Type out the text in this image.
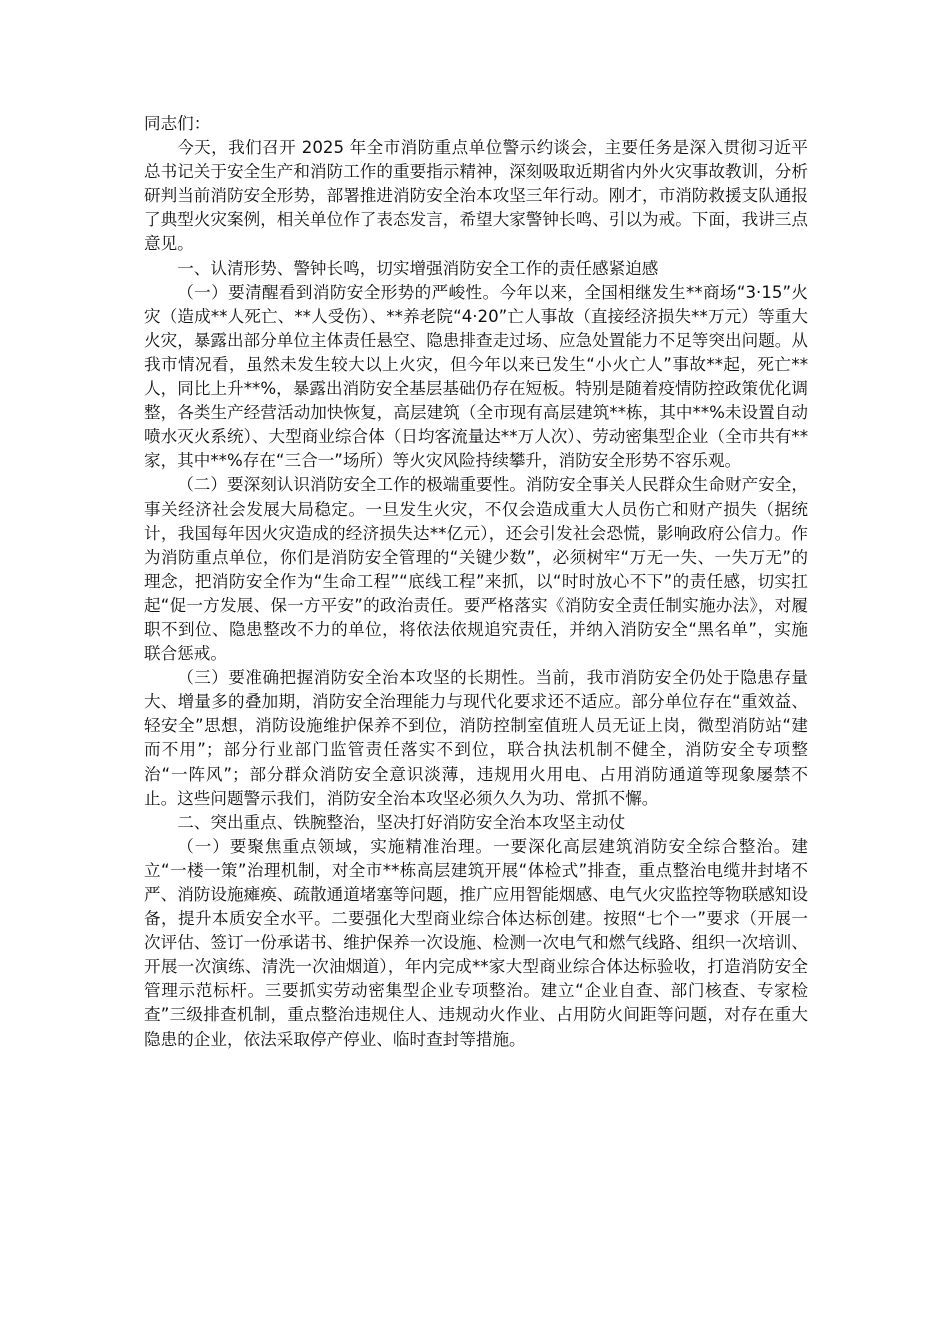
同志们：

今天，我们召开 2025 年全市消防重点单位警示约谈会，主要任务是深入贯彻习近平总书记关于安全生产和消防工作的重要指示精神，深刻吸取近期省内外火灾事故教训，分析研判当前消防安全形势，部署推进消防安全治本攻坚三年行动。刚才，市消防救援支队通报了典型火灾案例，相关单位作了表态发言，希望大家警钟长鸣、引以为戒。下面，我讲三点意见。

一、认清形势、警钟长鸣，切实增强消防安全工作的责任感紧迫感

（一）要清醒看到消防安全形势的严峻性。今年以来，全国相继发生**商场“3·15”火灾（造成**人死亡、**人受伤）、**养老院“4·20”亡人事故（直接经济损失**万元）等重大火灾，暴露出部分单位主体责任悬空、隐患排查走过场、应急处置能力不足等突出问题。从我市情况看，虽然未发生较大以上火灾，但今年以来已发生“小火亡人”事故**起，死亡**人，同比上升**%，暴露出消防安全基层基础仍存在短板。特别是随着疫情防控政策优化调整，各类生产经营活动加快恢复，高层建筑（全市现有高层建筑**栋，其中**%未设置自动喷水灭火系统）、大型商业综合体（日均客流量达**万人次）、劳动密集型企业（全市共有**家，其中**%存在“三合一”场所）等火灾风险持续攀升，消防安全形势不容乐观。

（二）要深刻认识消防安全工作的极端重要性。消防安全事关人民群众生命财产安全，事关经济社会发展大局稳定。一旦发生火灾，不仅会造成重大人员伤亡和财产损失（据统计，我国每年因火灾造成的经济损失达**亿元），还会引发社会恐慌，影响政府公信力。作为消防重点单位，你们是消防安全管理的“关键少数”，必须树牢“万无一失、一失万无”的理念，把消防安全作为“生命工程”“底线工程”来抓，以“时时放心不下”的责任感，切实扛起“促一方发展、保一方平安”的政治责任。要严格落实《消防安全责任制实施办法》，对履职不到位、隐患整改不力的单位，将依法依规追究责任，并纳入消防安全“黑名单”，实施联合惩戒。

（三）要准确把握消防安全治本攻坚的长期性。当前，我市消防安全仍处于隐患存量大、增量多的叠加期，消防安全治理能力与现代化要求还不适应。部分单位存在“重效益、轻安全”思想，消防设施维护保养不到位，消防控制室值班人员无证上岗，微型消防站“建而不用”；部分行业部门监管责任落实不到位，联合执法机制不健全，消防安全专项整治“一阵风”；部分群众消防安全意识淡薄，违规用火用电、占用消防通道等现象屡禁不止。这些问题警示我们，消防安全治本攻坚必须久久为功、常抓不懈。

二、突出重点、铁腕整治，坚决打好消防安全治本攻坚主动仗

（一）要聚焦重点领域，实施精准治理。一要深化高层建筑消防安全综合整治。建立“一楼一策”治理机制，对全市**栋高层建筑开展“体检式”排查，重点整治电缆井封堵不严、消防设施瘫痪、疏散通道堵塞等问题，推广应用智能烟感、电气火灾监控等物联感知设备，提升本质安全水平。二要强化大型商业综合体达标创建。按照“七个一”要求（开展一次评估、签订一份承诺书、维护保养一次设施、检测一次电气和燃气线路、组织一次培训、开展一次演练、清洗一次油烟道），年内完成**家大型商业综合体达标验收，打造消防安全管理示范标杆。三要抓实劳动密集型企业专项整治。建立“企业自查、部门核查、专家检查”三级排查机制，重点整治违规住人、违规动火作业、占用防火间距等问题，对存在重大隐患的企业，依法采取停产停业、临时查封等措施。
